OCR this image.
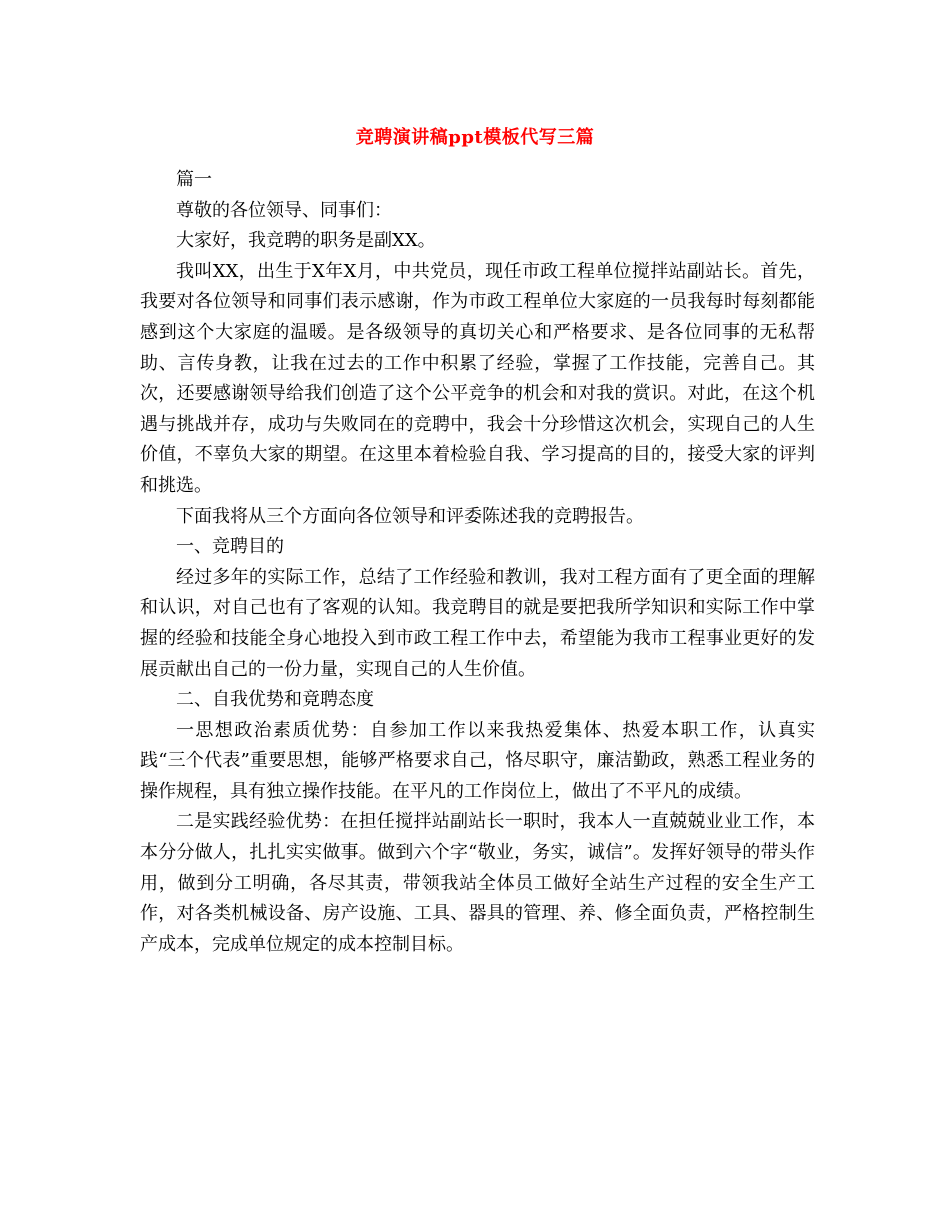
竞聘演讲稿ppt模板代写三篇

篇一

尊敬的各位领导、同事们：

大家好，我竞聘的职务是副XX。

我叫XX，出生于X年X月，中共党员，现任市政工程单位搅拌站副站长。首先，我要对各位领导和同事们表示感谢，作为市政工程单位大家庭的一员我每时每刻都能感到这个大家庭的温暖。是各级领导的真切关心和严格要求、是各位同事的无私帮助、言传身教，让我在过去的工作中积累了经验，掌握了工作技能，完善自己。其次，还要感谢领导给我们创造了这个公平竞争的机会和对我的赏识。对此，在这个机遇与挑战并存，成功与失败同在的竞聘中，我会十分珍惜这次机会，实现自己的人生价值，不辜负大家的期望。在这里本着检验自我、学习提高的目的，接受大家的评判和挑选。

下面我将从三个方面向各位领导和评委陈述我的竞聘报告。

一、竞聘目的

经过多年的实际工作，总结了工作经验和教训，我对工程方面有了更全面的理解和认识，对自己也有了客观的认知。我竞聘目的就是要把我所学知识和实际工作中掌握的经验和技能全身心地投入到市政工程工作中去，希望能为我市工程事业更好的发展贡献出自己的一份力量，实现自己的人生价值。

二、自我优势和竟聘态度

一思想政治素质优势：自参加工作以来我热爱集体、热爱本职工作，认真实践“三个代表”重要思想，能够严格要求自己，恪尽职守，廉洁勤政，熟悉工程业务的操作规程，具有独立操作技能。在平凡的工作岗位上，做出了不平凡的成绩。

二是实践经验优势：在担任搅拌站副站长一职时，我本人一直兢兢业业工作，本本分分做人，扎扎实实做事。做到六个字“敬业，务实，诚信”。发挥好领导的带头作用，做到分工明确，各尽其责，带领我站全体员工做好全站生产过程的安全生产工作，对各类机械设备、房产设施、工具、器具的管理、养、修全面负责，严格控制生产成本，完成单位规定的成本控制目标。
